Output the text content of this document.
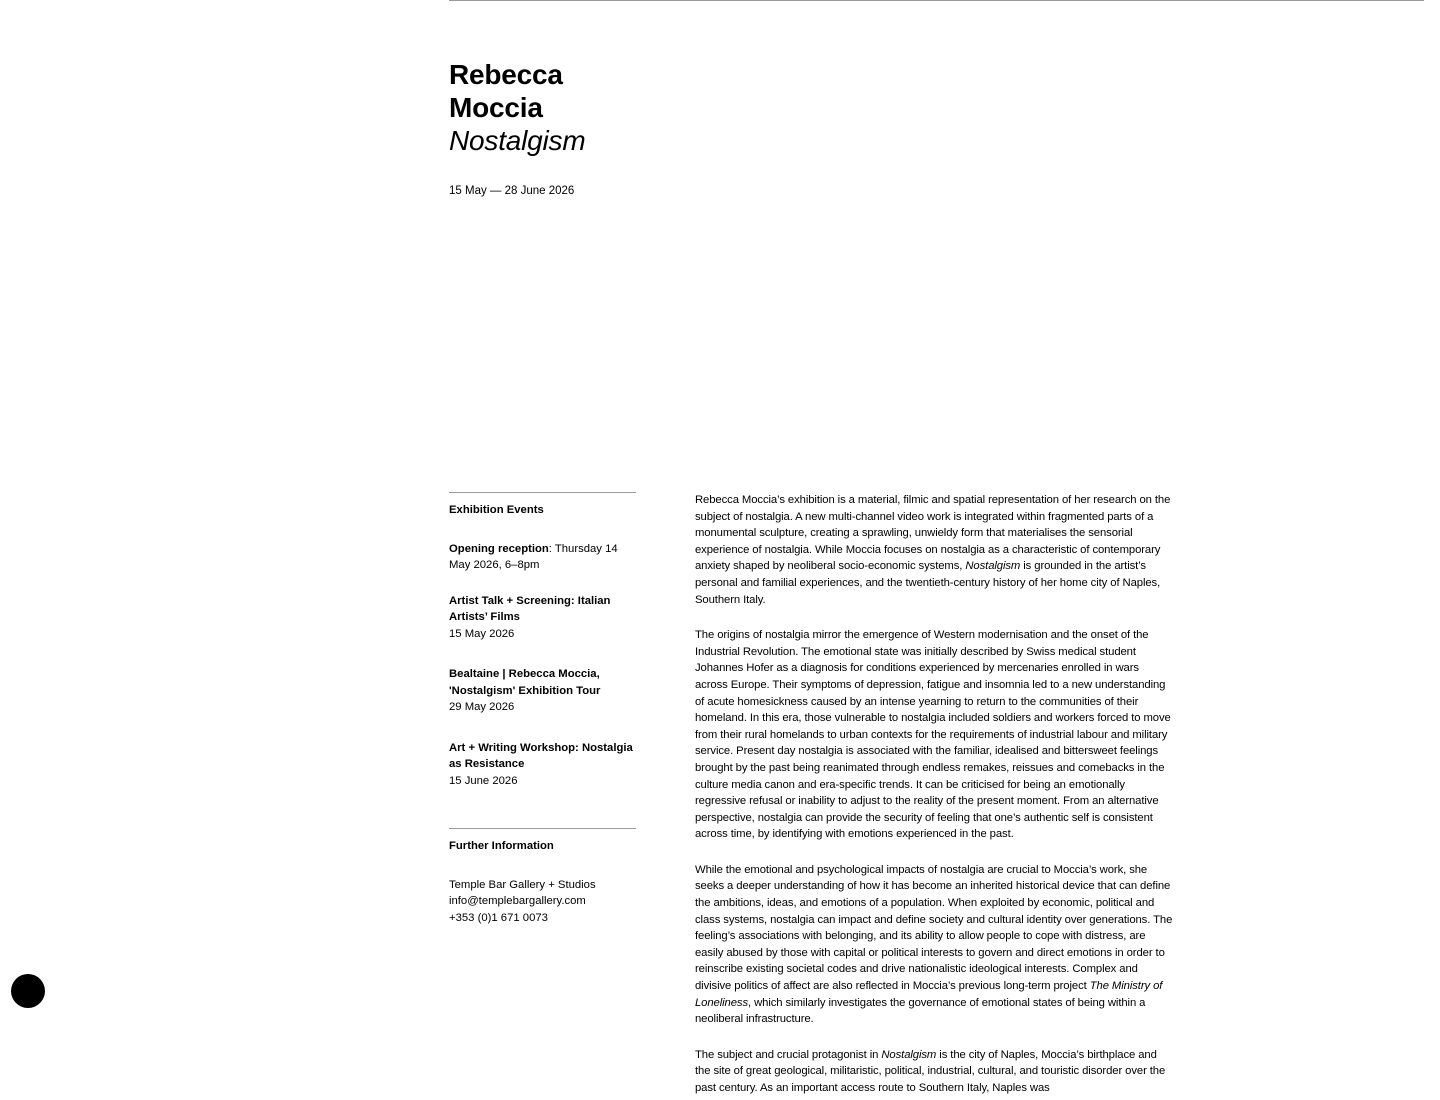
Rebecca
Moccia
Nostalgism
15 May — 28 June 2026
Exhibition Events

Opening reception: Thursday 14 May 2026, 6–8pm

Artist Talk + Screening: Italian Artists’ Films
15 May 2026

Bealtaine | Rebecca Moccia, 'Nostalgism' Exhibition Tour
29 May 2026

Art + Writing Workshop: Nostalgia as Resistance
15 June 2026

Further Information
Temple Bar Gallery + Studios
info@templebargallery.com
+353 (0)1 671 0073

Rebecca Moccia’s exhibition is a material, filmic and spatial representation of her research on the subject of nostalgia. A new multi-channel video work is integrated within fragmented parts of a monumental sculpture, creating a sprawling, unwieldy form that materialises the sensorial experience of nostalgia. While Moccia focuses on nostalgia as a characteristic of contemporary anxiety shaped by neoliberal socio-economic systems, Nostalgism is grounded in the artist’s personal and familial experiences, and the twentieth-century history of her home city of Naples, Southern Italy.

The origins of nostalgia mirror the emergence of Western modernisation and the onset of the Industrial Revolution. The emotional state was initially described by Swiss medical student Johannes Hofer as a diagnosis for conditions experienced by mercenaries enrolled in wars across Europe. Their symptoms of depression, fatigue and insomnia led to a new understanding of acute homesickness caused by an intense yearning to return to the communities of their homeland. In this era, those vulnerable to nostalgia included soldiers and workers forced to move from their rural homelands to urban contexts for the requirements of industrial labour and military service. Present day nostalgia is associated with the familiar, idealised and bittersweet feelings brought by the past being reanimated through endless remakes, reissues and comebacks in the culture media canon and era-specific trends. It can be criticised for being an emotionally regressive refusal or inability to adjust to the reality of the present moment. From an alternative perspective, nostalgia can provide the security of feeling that one’s authentic self is consistent across time, by identifying with emotions experienced in the past.

While the emotional and psychological impacts of nostalgia are crucial to Moccia’s work, she seeks a deeper understanding of how it has become an inherited historical device that can define the ambitions, ideas, and emotions of a population. When exploited by economic, political and class systems, nostalgia can impact and define society and cultural identity over generations. The feeling’s associations with belonging, and its ability to allow people to cope with distress, are easily abused by those with capital or political interests to govern and direct emotions in order to reinscribe existing societal codes and drive nationalistic ideological interests. Complex and divisive politics of affect are also reflected in Moccia’s previous long-term project The Ministry of Loneliness, which similarly investigates the governance of emotional states of being within a neoliberal infrastructure.

The subject and crucial protagonist in Nostalgism is the city of Naples, Moccia’s birthplace and the site of great geological, militaristic, political, industrial, cultural, and touristic disorder over the past century. As an important access route to Southern Italy, Naples was
